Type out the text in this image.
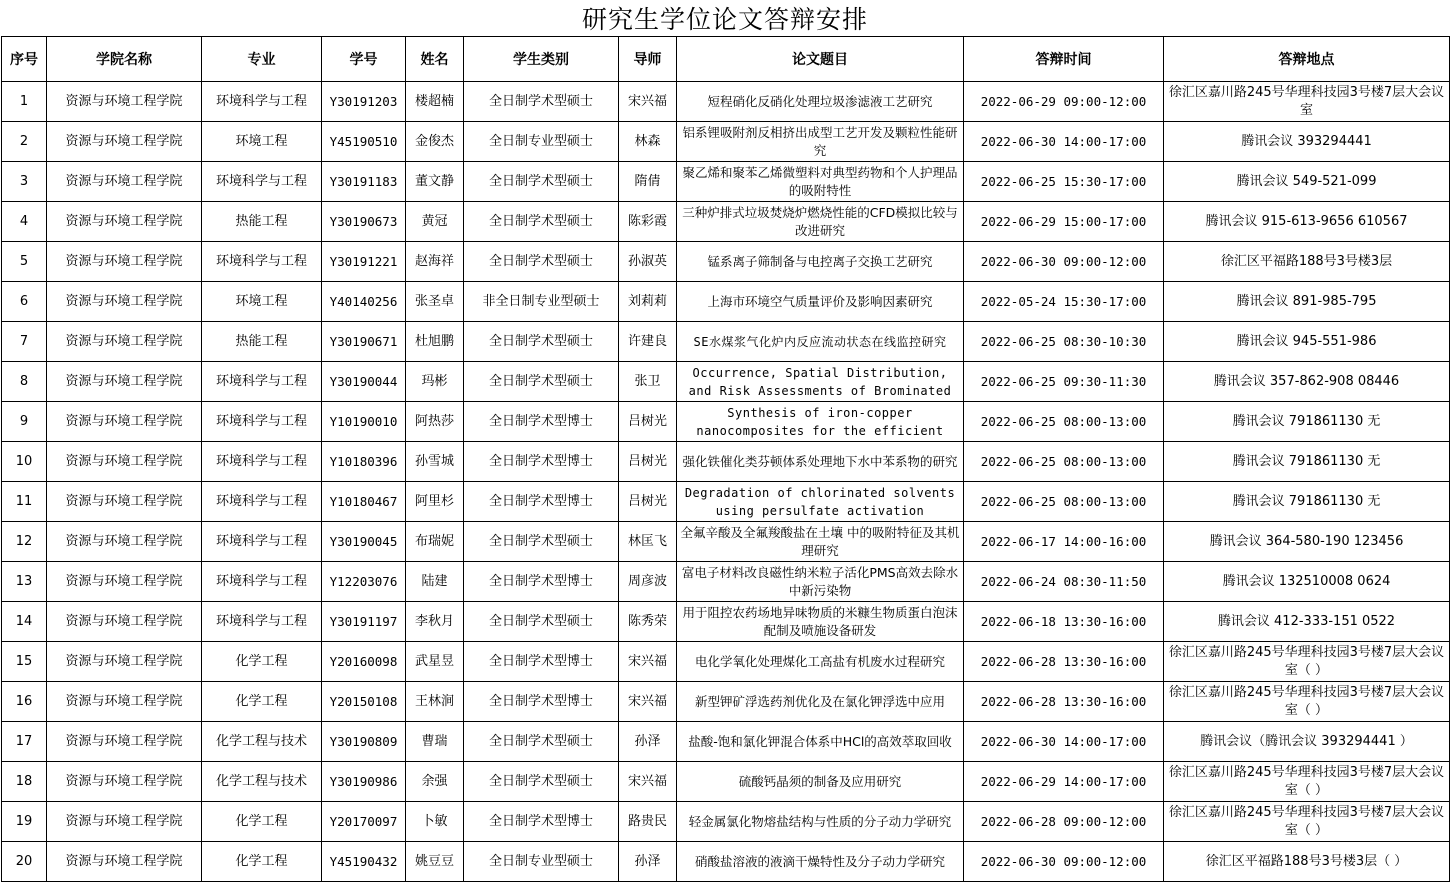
研究生学位论文答辩安排
序号	学院名称	专业	学号	姓名	学生类别	导师	论文题目	答辩时间	答辩地点
1	资源与环境工程学院	环境科学与工程	Y30191203	楼超楠	全日制学术型硕士	宋兴福	短程硝化反硝化处理垃圾渗滤液工艺研究	2022-06-29 09:00-12:00	徐汇区嘉川路245号华理科技园3号楼7层大会议室
2	资源与环境工程学院	环境工程	Y45190510	金俊杰	全日制专业型硕士	林森	铝系锂吸附剂反相挤出成型工艺开发及颗粒性能研究	2022-06-30 14:00-17:00	腾讯会议 393294441
3	资源与环境工程学院	环境科学与工程	Y30191183	董文静	全日制学术型硕士	隋倩	聚乙烯和聚苯乙烯微塑料对典型药物和个人护理品的吸附特性	2022-06-25 15:30-17:00	腾讯会议 549-521-099
4	资源与环境工程学院	热能工程	Y30190673	黄冠	全日制学术型硕士	陈彩霞	三种炉排式垃圾焚烧炉燃烧性能的CFD模拟比较与改进研究	2022-06-29 15:00-17:00	腾讯会议 915-613-9656 610567
5	资源与环境工程学院	环境科学与工程	Y30191221	赵海祥	全日制学术型硕士	孙淑英	锰系离子筛制备与电控离子交换工艺研究	2022-06-30 09:00-12:00	徐汇区平福路188号3号楼3层
6	资源与环境工程学院	环境工程	Y40140256	张圣卓	非全日制专业型硕士	刘莉莉	上海市环境空气质量评价及影响因素研究	2022-05-24 15:30-17:00	腾讯会议 891-985-795
7	资源与环境工程学院	热能工程	Y30190671	杜旭鹏	全日制学术型硕士	许建良	SE水煤浆气化炉内反应流动状态在线监控研究	2022-06-25 08:30-10:30	腾讯会议 945-551-986
8	资源与环境工程学院	环境科学与工程	Y30190044	玛彬	全日制学术型硕士	张卫	Occurrence, Spatial Distribution, and Risk Assessments of Brominated	2022-06-25 09:30-11:30	腾讯会议 357-862-908 08446
9	资源与环境工程学院	环境科学与工程	Y10190010	阿热莎	全日制学术型博士	吕树光	Synthesis of iron-copper nanocomposites for the efficient	2022-06-25 08:00-13:00	腾讯会议 791861130 无
10	资源与环境工程学院	环境科学与工程	Y10180396	孙雪城	全日制学术型博士	吕树光	强化铁催化类芬顿体系处理地下水中苯系物的研究	2022-06-25 08:00-13:00	腾讯会议 791861130 无
11	资源与环境工程学院	环境科学与工程	Y10180467	阿里杉	全日制学术型博士	吕树光	Degradation of chlorinated solvents using persulfate activation	2022-06-25 08:00-13:00	腾讯会议 791861130 无
12	资源与环境工程学院	环境科学与工程	Y30190045	布瑞妮	全日制学术型硕士	林匡飞	全氟辛酸及全氟羧酸盐在土壤 中的吸附特征及其机理研究	2022-06-17 14:00-16:00	腾讯会议 364-580-190 123456
13	资源与环境工程学院	环境科学与工程	Y12203076	陆建	全日制学术型博士	周彦波	富电子材料改良磁性纳米粒子活化PMS高效去除水中新污染物	2022-06-24 08:30-11:50	腾讯会议 132510008 0624
14	资源与环境工程学院	环境科学与工程	Y30191197	李秋月	全日制学术型硕士	陈秀荣	用于阻控农药场地异味物质的米糠生物质蛋白泡沫配制及喷施设备研发	2022-06-18 13:30-16:00	腾讯会议 412-333-151 0522
15	资源与环境工程学院	化学工程	Y20160098	武星昱	全日制学术型博士	宋兴福	电化学氧化处理煤化工高盐有机废水过程研究	2022-06-28 13:30-16:00	徐汇区嘉川路245号华理科技园3号楼7层大会议室（ ）
16	资源与环境工程学院	化学工程	Y20150108	王林涧	全日制学术型博士	宋兴福	新型钾矿浮选药剂优化及在氯化钾浮选中应用	2022-06-28 13:30-16:00	徐汇区嘉川路245号华理科技园3号楼7层大会议室（ ）
17	资源与环境工程学院	化学工程与技术	Y30190809	曹瑞	全日制学术型硕士	孙泽	盐酸-饱和氯化钾混合体系中HCl的高效萃取回收	2022-06-30 14:00-17:00	腾讯会议（腾讯会议 393294441 ）
18	资源与环境工程学院	化学工程与技术	Y30190986	余强	全日制学术型硕士	宋兴福	硫酸钙晶须的制备及应用研究	2022-06-29 14:00-17:00	徐汇区嘉川路245号华理科技园3号楼7层大会议室（ ）
19	资源与环境工程学院	化学工程	Y20170097	卜敏	全日制学术型博士	路贵民	轻金属氯化物熔盐结构与性质的分子动力学研究	2022-06-28 09:00-12:00	徐汇区嘉川路245号华理科技园3号楼7层大会议室（ ）
20	资源与环境工程学院	化学工程	Y45190432	姚豆豆	全日制专业型硕士	孙泽	硝酸盐溶液的液滴干燥特性及分子动力学研究	2022-06-30 09:00-12:00	徐汇区平福路188号3号楼3层（ ）
